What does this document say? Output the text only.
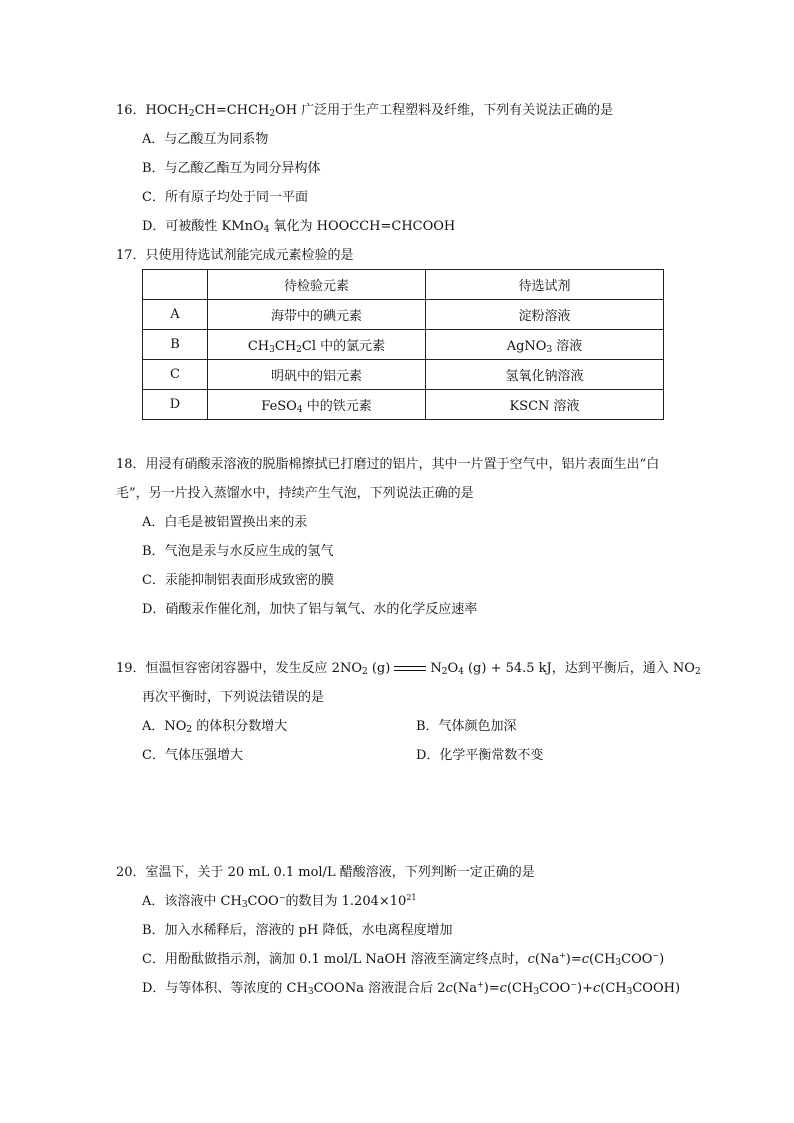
16．$HOCH_2CH=CHCH_2OH$ 广泛用于生产工程塑料及纤维，下列有关说法正确的是
A．与乙酸互为同系物
B．与乙酸乙酯互为同分异构体
C．所有原子均处于同一平面
D．可被酸性 KMnO$_4$ 氧化为 HOOCCH=CHCOOH
17．只使用待选试剂能完成元素检验的是
	待检验元素	待选试剂
A	海带中的碘元素	淀粉溶液
B	$CH_3CH_2Cl$ 中的氯元素	AgNO$_3$ 溶液
C	明矾中的铝元素	氢氧化钠溶液
D	FeSO$_4$ 中的铁元素	KSCN 溶液
18．用浸有硝酸汞溶液的脱脂棉擦拭已打磨过的铝片，其中一片置于空气中，铝片表面生出“白
毛”，另一片投入蒸馏水中，持续产生气泡，下列说法正确的是
A．白毛是被铝置换出来的汞
B．气泡是汞与水反应生成的氢气
C．汞能抑制铝表面形成致密的膜
D．硝酸汞作催化剂，加快了铝与氧气、水的化学反应速率
19．恒温恒容密闭容器中，发生反应 $2NO_2$ (g)	$N_2O_4$ (g) + 54.5 kJ，达到平衡后，通入 $NO_2$
再次平衡时，下列说法错误的是
A．$NO_2$ 的体积分数增大	B．气体颜色加深
C．气体压强增大	D．化学平衡常数不变
20．室温下，关于 20 mL 0.1 mol/L 醋酸溶液，下列判断一定正确的是
A．该溶液中 $CH_3COO^-$的数目为 $1.204\times 10^{21}$
B．加入水稀释后，溶液的 pH 降低，水电离程度增加
C．用酚酞做指示剂，滴加 0.1 mol/L NaOH 溶液至滴定终点时，$c(Na^+)=c(CH_3COO^-)$
D．与等体积、等浓度的 $CH_3COONa$ 溶液混合后 $2c(Na^+)=c(CH_3COO^-)+c(CH_3COOH)$
